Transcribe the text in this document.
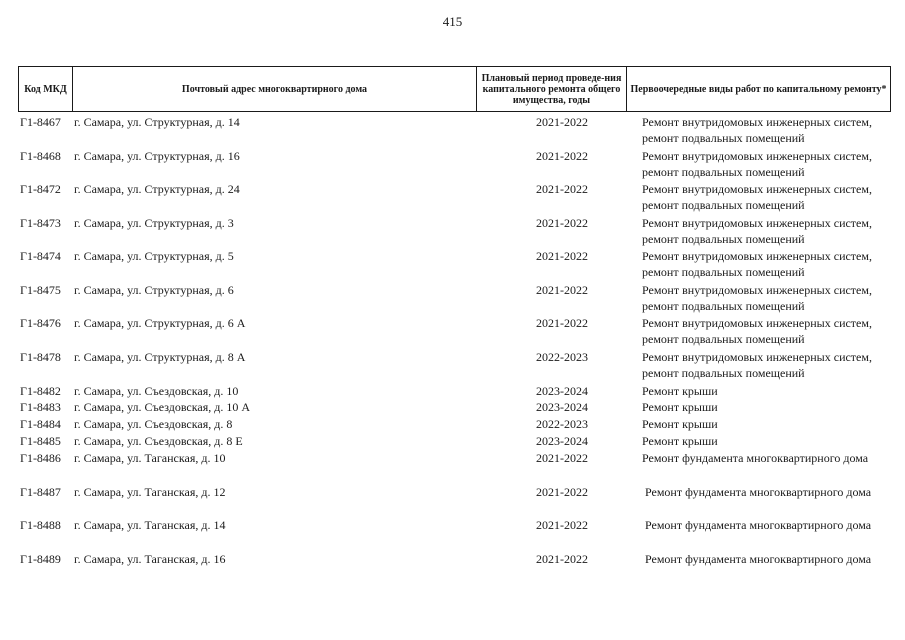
415
Код МКД	Почтовый адрес многоквартирного дома	Плановый период проведе-ния капитального ремонта общего имущества, годы	Первоочередные виды работ по капитальному ремонту*
Г1-8467 г. Самара, ул. Структурная, д. 14	2021-2022	Ремонт внутридомовых инженерных систем,
ремонт подвальных помещений
Г1-8468 г. Самара, ул. Структурная, д. 16	2021-2022	Ремонт внутридомовых инженерных систем,
ремонт подвальных помещений
Г1-8472 г. Самара, ул. Структурная, д. 24	2021-2022	Ремонт внутридомовых инженерных систем,
ремонт подвальных помещений
Г1-8473 г. Самара, ул. Структурная, д. 3	2021-2022	Ремонт внутридомовых инженерных систем,
ремонт подвальных помещений
Г1-8474 г. Самара, ул. Структурная, д. 5	2021-2022	Ремонт внутридомовых инженерных систем,
ремонт подвальных помещений
Г1-8475 г. Самара, ул. Структурная, д. 6	2021-2022	Ремонт внутридомовых инженерных систем,
ремонт подвальных помещений
Г1-8476 г. Самара, ул. Структурная, д. 6 А	2021-2022	Ремонт внутридомовых инженерных систем,
ремонт подвальных помещений
Г1-8478 г. Самара, ул. Структурная, д. 8 А	2022-2023	Ремонт внутридомовых инженерных систем,
ремонт подвальных помещений
Г1-8482 г. Самара, ул. Съездовская, д. 10	2023-2024	Ремонт крыши
Г1-8483 г. Самара, ул. Съездовская, д. 10 А	2023-2024	Ремонт крыши
Г1-8484 г. Самара, ул. Съездовская, д. 8	2022-2023	Ремонт крыши
Г1-8485 г. Самара, ул. Съездовская, д. 8 Е	2023-2024	Ремонт крыши
Г1-8486 г. Самара, ул. Таганская, д. 10	2021-2022	Ремонт фундамента многоквартирного дома
Г1-8487 г. Самара, ул. Таганская, д. 12	2021-2022	Ремонт фундамента многоквартирного дома
Г1-8488 г. Самара, ул. Таганская, д. 14	2021-2022	Ремонт фундамента многоквартирного дома
Г1-8489 г. Самара, ул. Таганская, д. 16	2021-2022	Ремонт фундамента многоквартирного дома
